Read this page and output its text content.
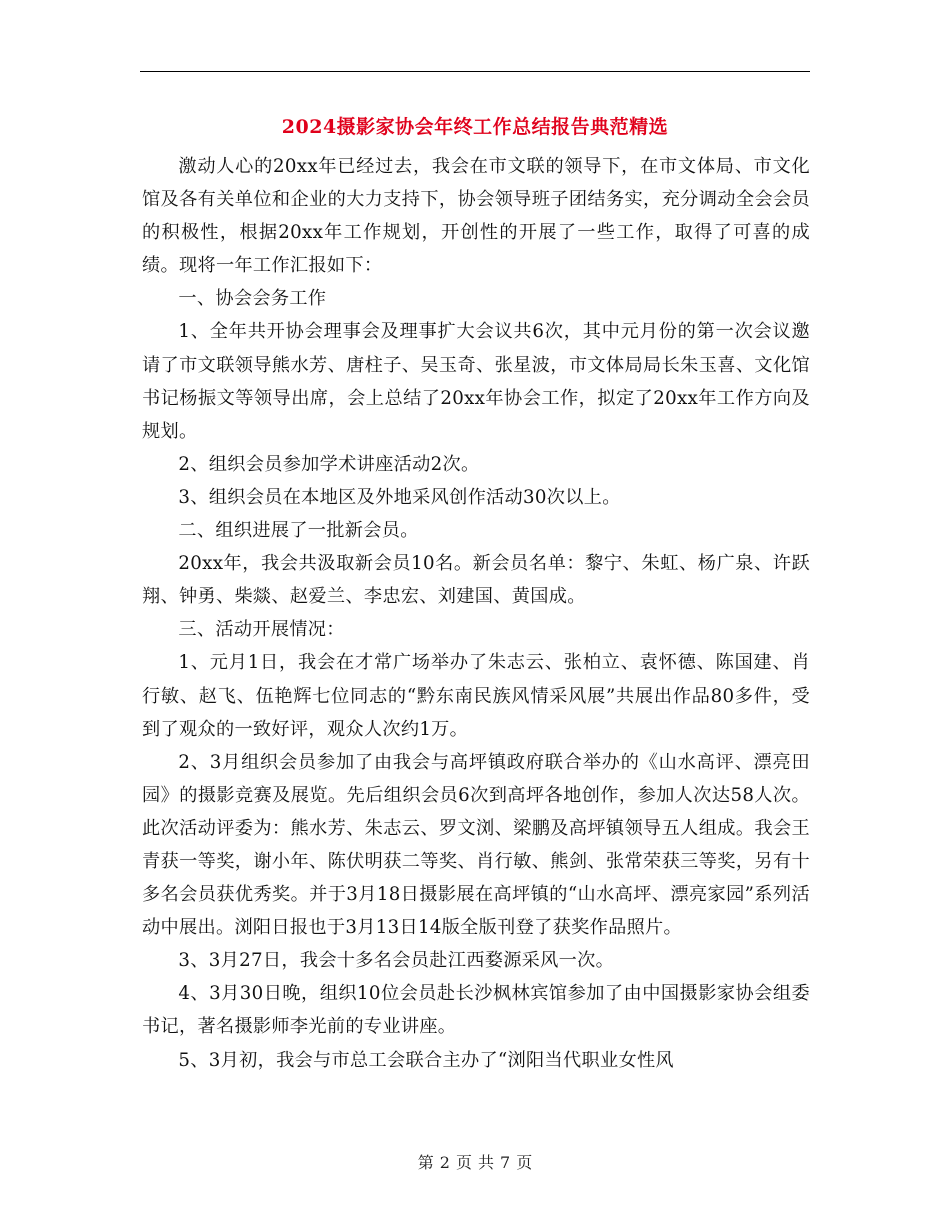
2024摄影家协会年终工作总结报告典范精选

激动人心的20xx年已经过去，我会在市文联的领导下，在市文体局、市文化馆及各有关单位和企业的大力支持下，协会领导班子团结务实，充分调动全会会员的积极性，根据20xx年工作规划，开创性的开展了一些工作，取得了可喜的成绩。现将一年工作汇报如下：

一、协会会务工作

1、全年共开协会理事会及理事扩大会议共6次，其中元月份的第一次会议邀请了市文联领导熊水芳、唐柱子、吴玉奇、张星波，市文体局局长朱玉喜、文化馆书记杨振文等领导出席，会上总结了20xx年协会工作，拟定了20xx年工作方向及规划。

2、组织会员参加学术讲座活动2次。

3、组织会员在本地区及外地采风创作活动30次以上。

二、组织进展了一批新会员。

20xx年，我会共汲取新会员10名。新会员名单：黎宁、朱虹、杨广泉、许跃翔、钟勇、柴燚、赵爱兰、李忠宏、刘建国、黄国成。

三、活动开展情况：

1、元月1日，我会在才常广场举办了朱志云、张柏立、袁怀德、陈国建、肖行敏、赵飞、伍艳辉七位同志的“黔东南民族风情采风展”共展出作品80多件，受到了观众的一致好评，观众人次约1万。

2、3月组织会员参加了由我会与高坪镇政府联合举办的《山水高评、漂亮田园》的摄影竞赛及展览。先后组织会员6次到高坪各地创作，参加人次达58人次。此次活动评委为：熊水芳、朱志云、罗文浏、梁鹏及高坪镇领导五人组成。我会王青获一等奖，谢小年、陈伏明获二等奖、肖行敏、熊剑、张常荣获三等奖，另有十多名会员获优秀奖。并于3月18日摄影展在高坪镇的“山水高坪、漂亮家园”系列活动中展出。浏阳日报也于3月13日14版全版刊登了获奖作品照片。

3、3月27日，我会十多名会员赴江西婺源采风一次。

4、3月30日晚，组织10位会员赴长沙枫林宾馆参加了由中国摄影家协会组委书记，著名摄影师李光前的专业讲座。

5、3月初，我会与市总工会联合主办了“浏阳当代职业女性风

第 2 页 共 7 页
